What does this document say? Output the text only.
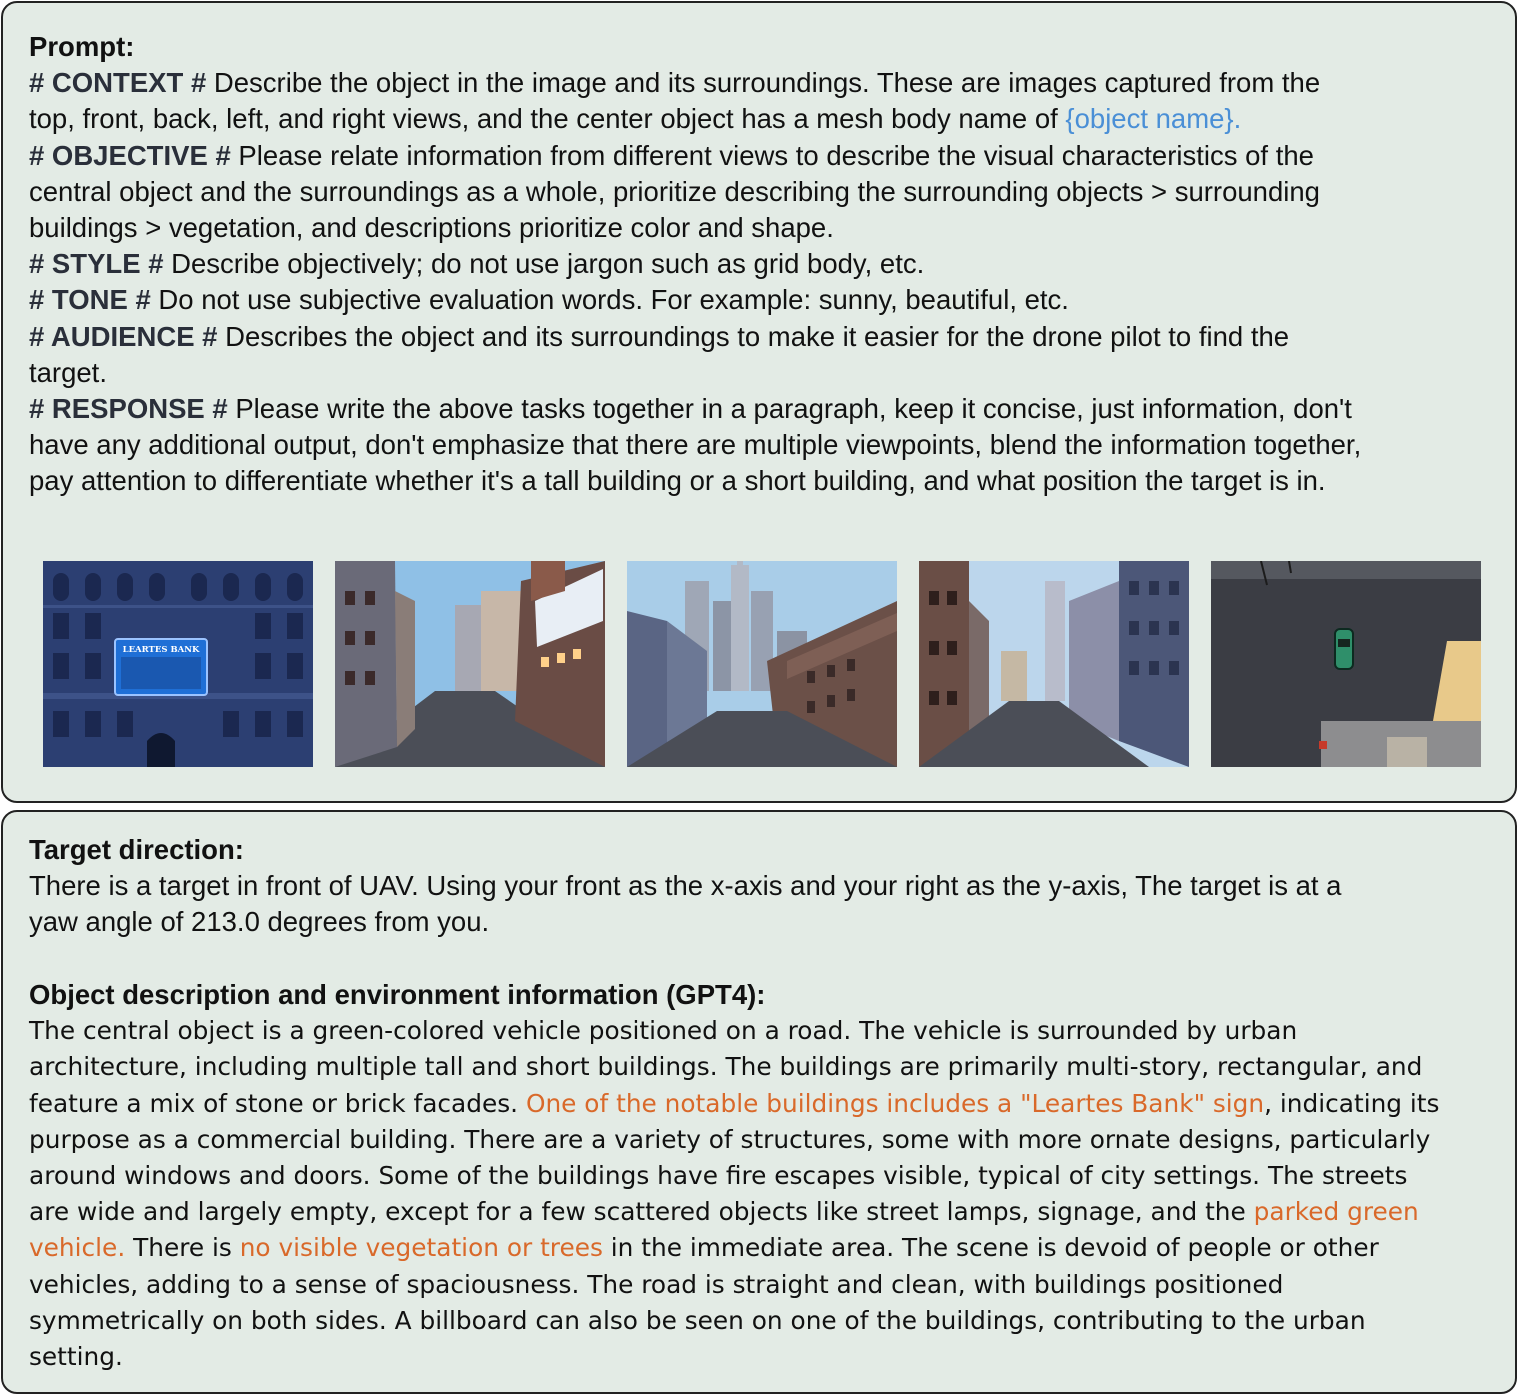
Prompt:
# CONTEXT # Describe the object in the image and its surroundings. These are images captured from the
top, front, back, left, and right views, and the center object has a mesh body name of {object name}.
# OBJECTIVE # Please relate information from different views to describe the visual characteristics of the
central object and the surroundings as a whole, prioritize describing the surrounding objects > surrounding
buildings > vegetation, and descriptions prioritize color and shape.
# STYLE # Describe objectively; do not use jargon such as grid body, etc.
# TONE # Do not use subjective evaluation words. For example: sunny, beautiful, etc.
# AUDIENCE # Describes the object and its surroundings to make it easier for the drone pilot to find the
target.
# RESPONSE # Please write the above tasks together in a paragraph, keep it concise, just information, don't
have any additional output, don't emphasize that there are multiple viewpoints, blend the information together,
pay attention to differentiate whether it's a tall building or a short building, and what position the target is in.
LEARTES BANK
Target direction:
There is a target in front of UAV. Using your front as the x-axis and your right as the y-axis, The target is at a
yaw angle of 213.0 degrees from you.
Object description and environment information (GPT4):
The central object is a green-colored vehicle positioned on a road. The vehicle is surrounded by urban
architecture, including multiple tall and short buildings. The buildings are primarily multi-story, rectangular, and
feature a mix of stone or brick facades. One of the notable buildings includes a "Leartes Bank" sign, indicating its
purpose as a commercial building. There are a variety of structures, some with more ornate designs, particularly
around windows and doors. Some of the buildings have fire escapes visible, typical of city settings. The streets
are wide and largely empty, except for a few scattered objects like street lamps, signage, and the parked green
vehicle. There is no visible vegetation or trees in the immediate area. The scene is devoid of people or other
vehicles, adding to a sense of spaciousness. The road is straight and clean, with buildings positioned
symmetrically on both sides. A billboard can also be seen on one of the buildings, contributing to the urban
setting.
